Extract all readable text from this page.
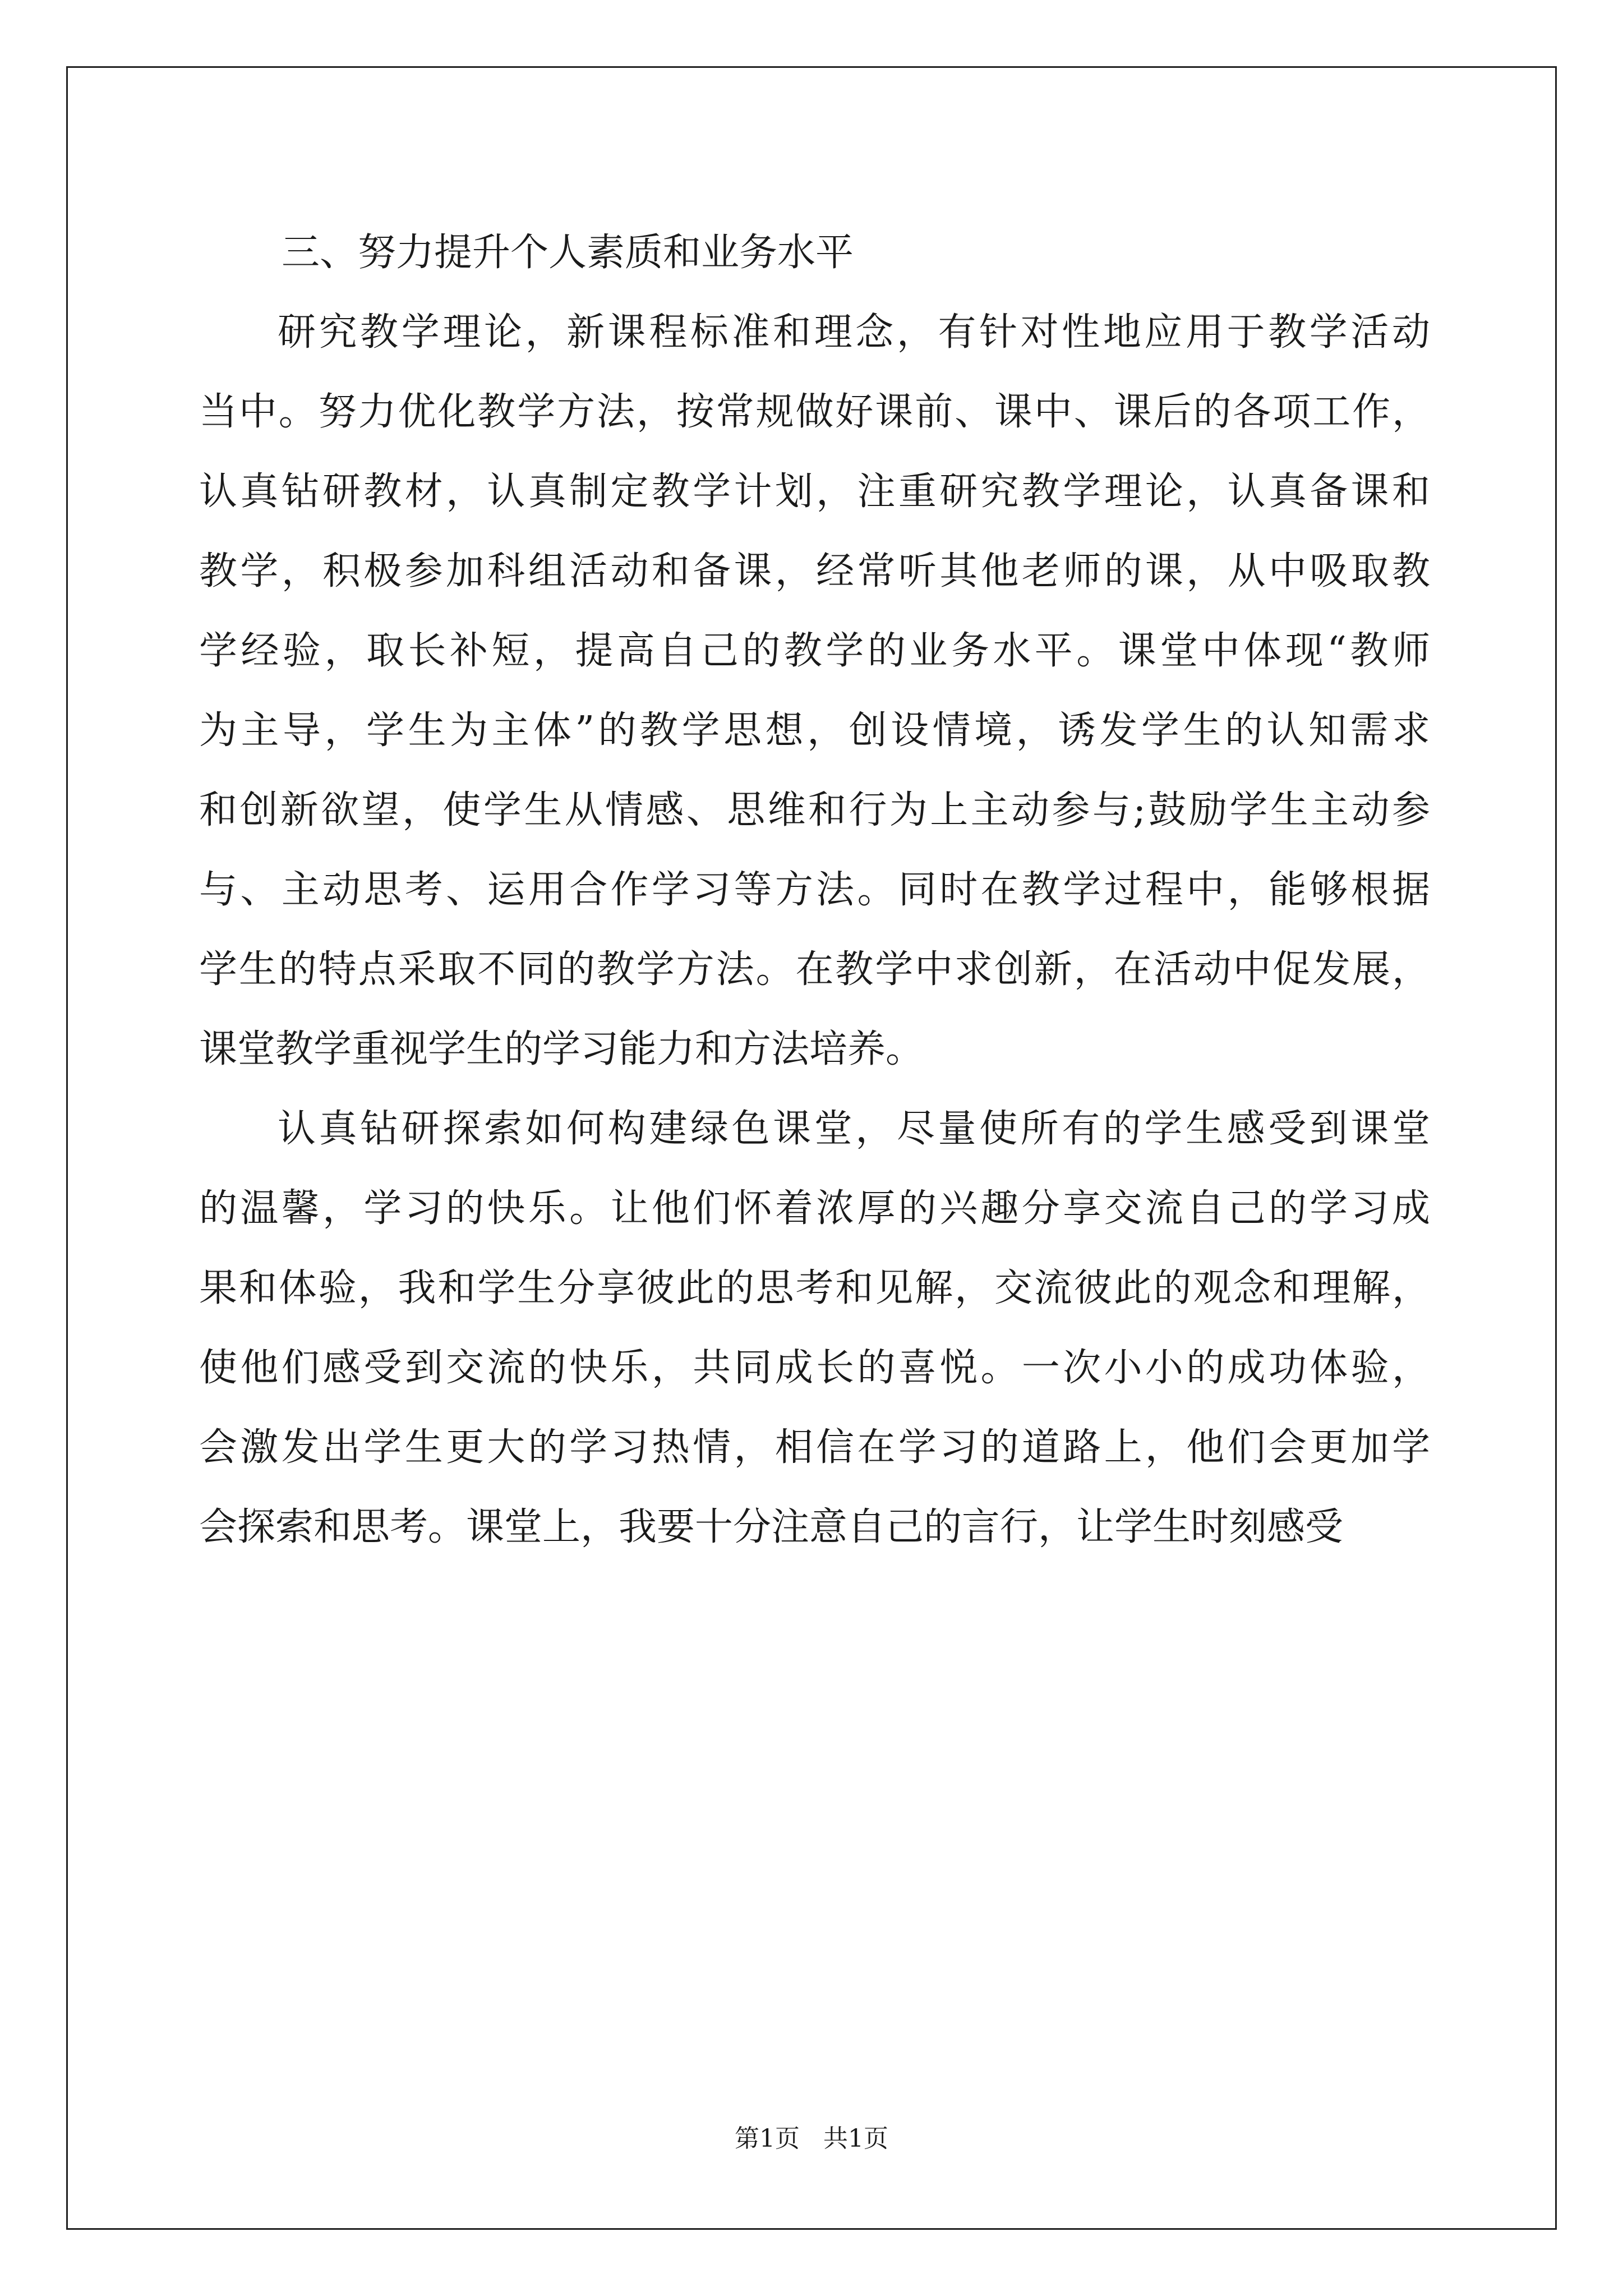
三、努力提升个人素质和业务水平
研究教学理论，新课程标准和理念，有针对性地应用于教学活动
当中。努力优化教学方法，按常规做好课前、课中、课后的各项工作，
认真钻研教材，认真制定教学计划，注重研究教学理论，认真备课和
教学，积极参加科组活动和备课，经常听其他老师的课，从中吸取教
学经验，取长补短，提高自己的教学的业务水平。课堂中体现“教师
为主导，学生为主体”的教学思想，创设情境，诱发学生的认知需求
和创新欲望，使学生从情感、思维和行为上主动参与;鼓励学生主动参
与、主动思考、运用合作学习等方法。同时在教学过程中，能够根据
学生的特点采取不同的教学方法。在教学中求创新，在活动中促发展，
课堂教学重视学生的学习能力和方法培养。
认真钻研探索如何构建绿色课堂，尽量使所有的学生感受到课堂
的温馨，学习的快乐。让他们怀着浓厚的兴趣分享交流自己的学习成
果和体验，我和学生分享彼此的思考和见解，交流彼此的观念和理解，
使他们感受到交流的快乐，共同成长的喜悦。一次小小的成功体验，
会激发出学生更大的学习热情，相信在学习的道路上，他们会更加学
会探索和思考。课堂上，我要十分注意自己的言行，让学生时刻感受
第1页   共1页
